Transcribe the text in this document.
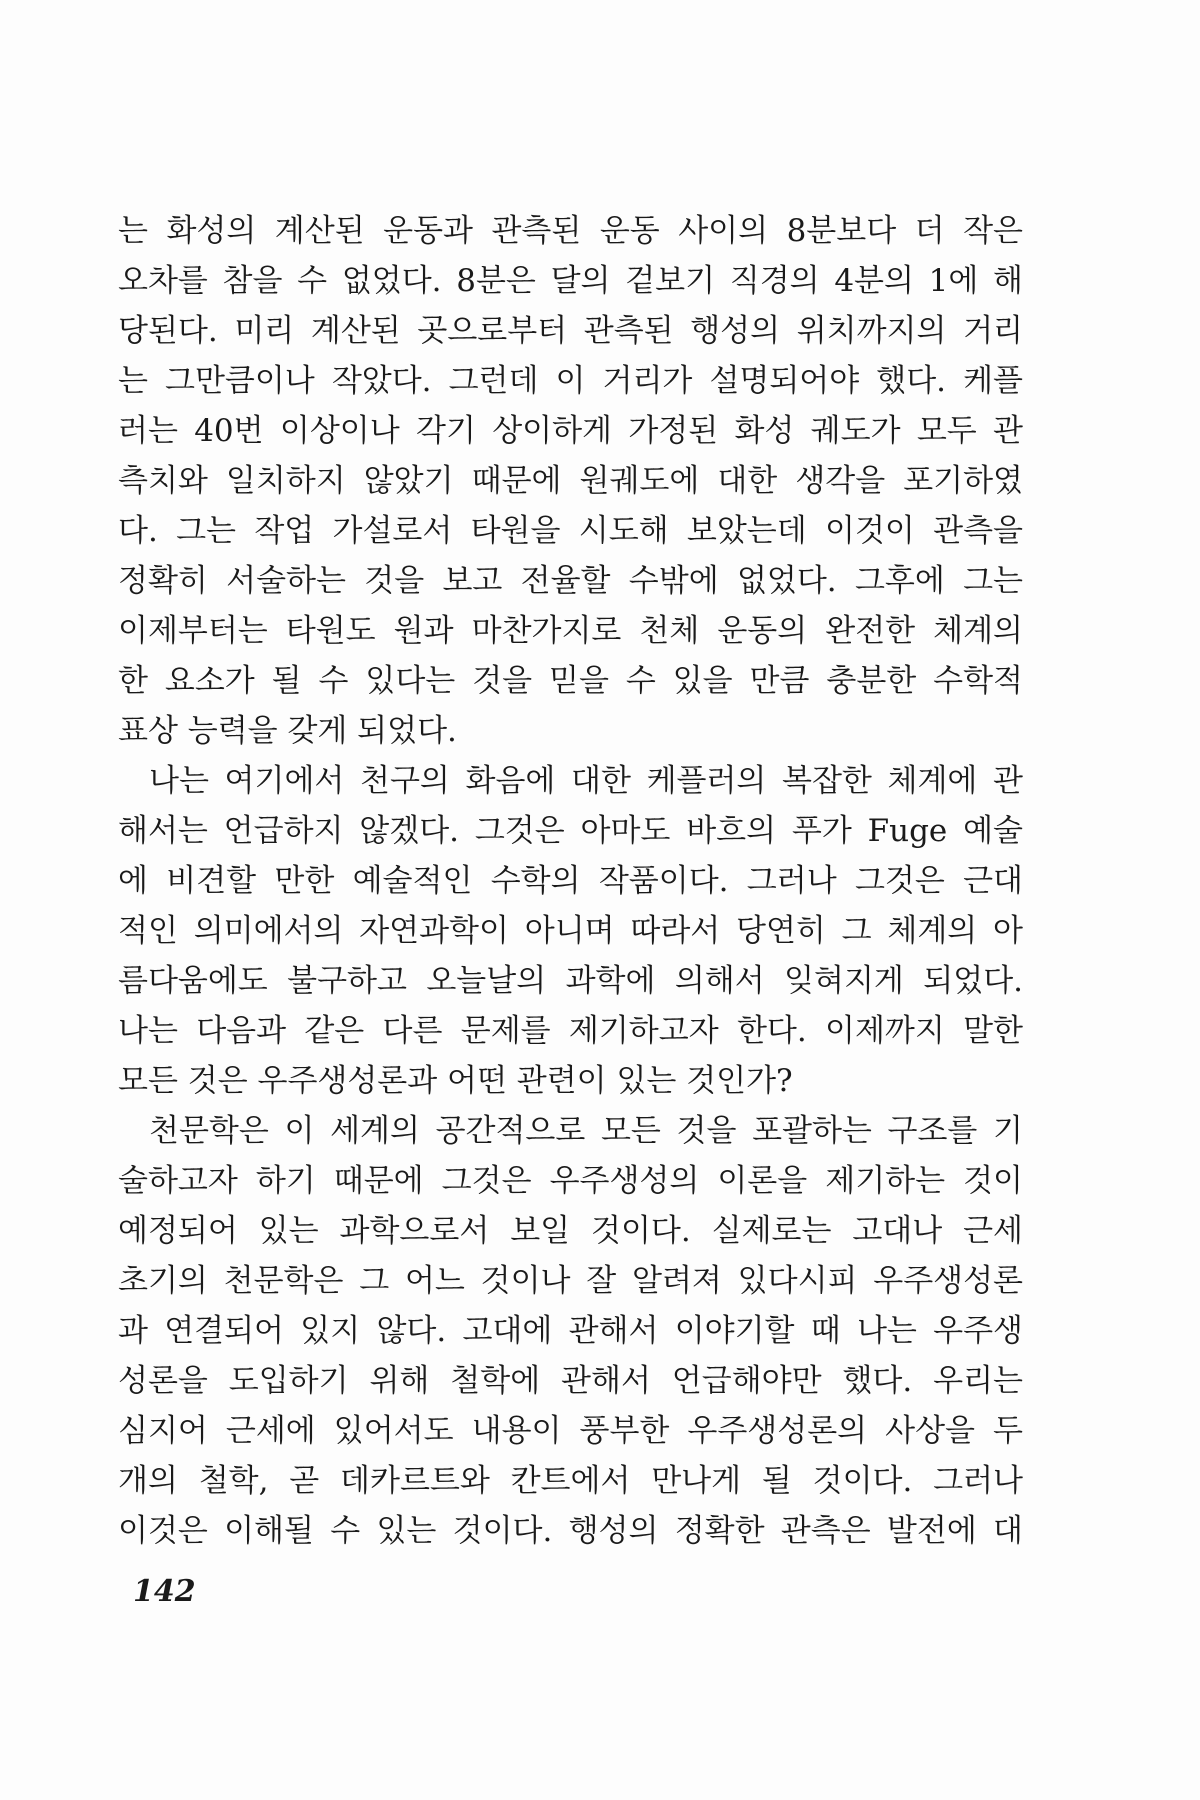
는 화성의 계산된 운동과 관측된 운동 사이의 8분보다 더 작은
오차를 참을 수 없었다. 8분은 달의 겉보기 직경의 4분의 1에 해
당된다. 미리 계산된 곳으로부터 관측된 행성의 위치까지의 거리
는 그만큼이나 작았다. 그런데 이 거리가 설명되어야 했다. 케플
러는 40번 이상이나 각기 상이하게 가정된 화성 궤도가 모두 관
측치와 일치하지 않았기 때문에 원궤도에 대한 생각을 포기하였
다. 그는 작업 가설로서 타원을 시도해 보았는데 이것이 관측을
정확히 서술하는 것을 보고 전율할 수밖에 없었다. 그후에 그는
이제부터는 타원도 원과 마찬가지로 천체 운동의 완전한 체계의
한 요소가 될 수 있다는 것을 믿을 수 있을 만큼 충분한 수학적
표상 능력을 갖게 되었다.
나는 여기에서 천구의 화음에 대한 케플러의 복잡한 체계에 관
해서는 언급하지 않겠다. 그것은 아마도 바흐의 푸가 Fuge 예술
에 비견할 만한 예술적인 수학의 작품이다. 그러나 그것은 근대
적인 의미에서의 자연과학이 아니며 따라서 당연히 그 체계의 아
름다움에도 불구하고 오늘날의 과학에 의해서 잊혀지게 되었다.
나는 다음과 같은 다른 문제를 제기하고자 한다. 이제까지 말한
모든 것은 우주생성론과 어떤 관련이 있는 것인가?
천문학은 이 세계의 공간적으로 모든 것을 포괄하는 구조를 기
술하고자 하기 때문에 그것은 우주생성의 이론을 제기하는 것이
예정되어 있는 과학으로서 보일 것이다. 실제로는 고대나 근세
초기의 천문학은 그 어느 것이나 잘 알려져 있다시피 우주생성론
과 연결되어 있지 않다. 고대에 관해서 이야기할 때 나는 우주생
성론을 도입하기 위해 철학에 관해서 언급해야만 했다. 우리는
심지어 근세에 있어서도 내용이 풍부한 우주생성론의 사상을 두
개의 철학, 곧 데카르트와 칸트에서 만나게 될 것이다. 그러나
이것은 이해될 수 있는 것이다. 행성의 정확한 관측은 발전에 대
142
